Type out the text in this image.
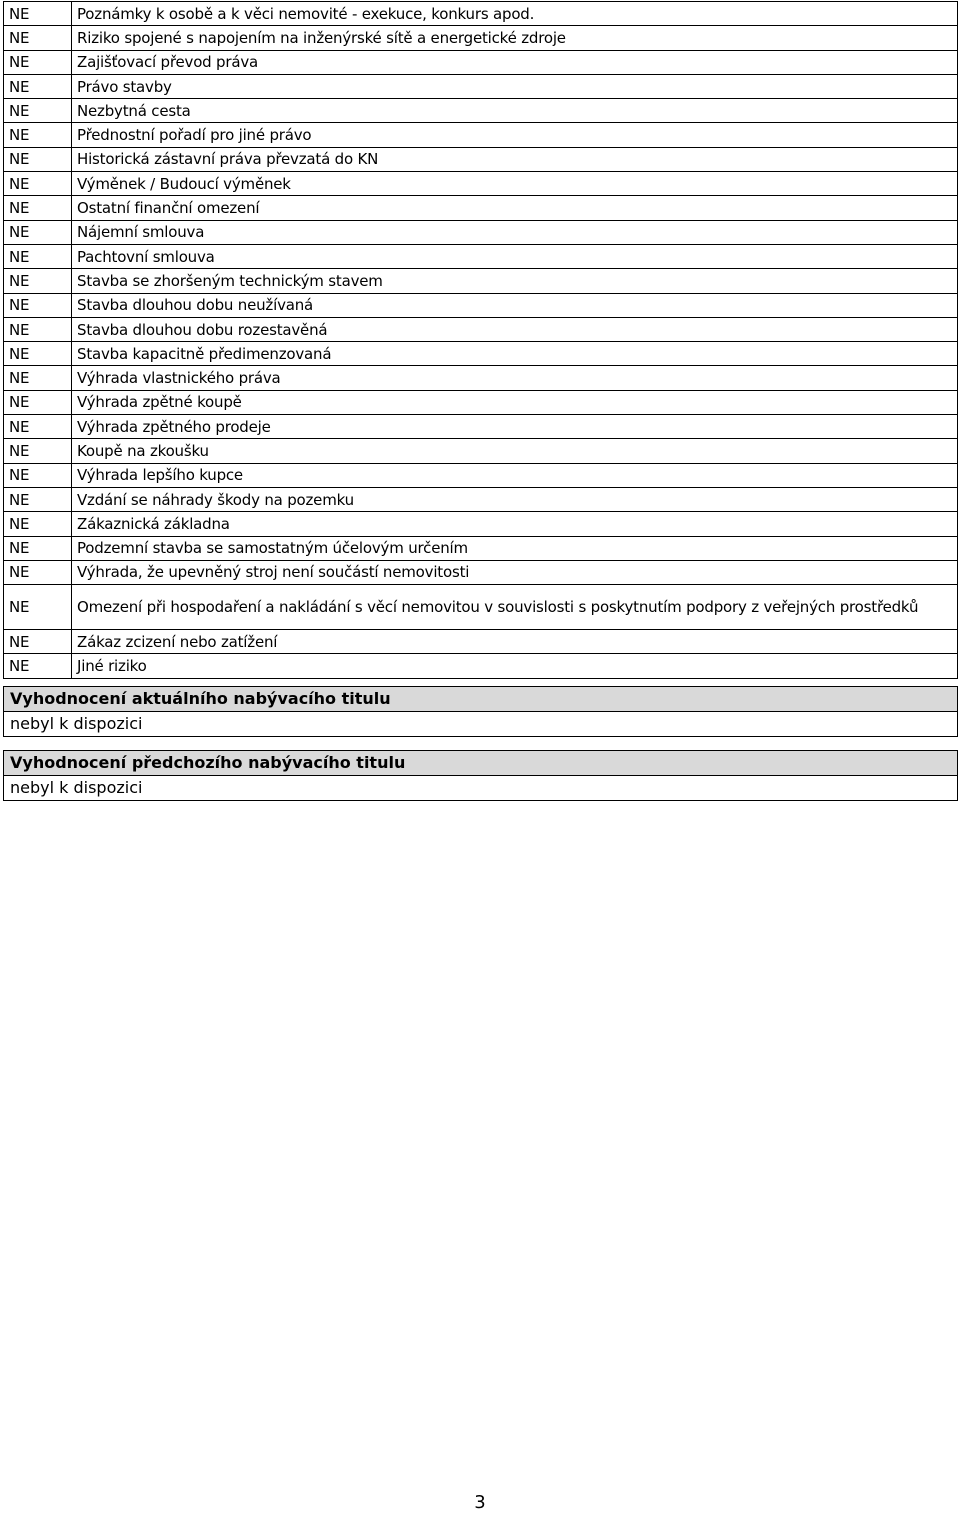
NE	Poznámky k osobě a k věci nemovité - exekuce, konkurs apod.
NE	Riziko spojené s napojením na inženýrské sítě a energetické zdroje
NE	Zajišťovací převod práva
NE	Právo stavby
NE	Nezbytná cesta
NE	Přednostní pořadí pro jiné právo
NE	Historická zástavní práva převzatá do KN
NE	Výměnek / Budoucí výměnek
NE	Ostatní finanční omezení
NE	Nájemní smlouva
NE	Pachtovní smlouva
NE	Stavba se zhoršeným technickým stavem
NE	Stavba dlouhou dobu neužívaná
NE	Stavba dlouhou dobu rozestavěná
NE	Stavba kapacitně předimenzovaná
NE	Výhrada vlastnického práva
NE	Výhrada zpětné koupě
NE	Výhrada zpětného prodeje
NE	Koupě na zkoušku
NE	Výhrada lepšího kupce
NE	Vzdání se náhrady škody na pozemku
NE	Zákaznická základna
NE	Podzemní stavba se samostatným účelovým určením
NE	Výhrada, že upevněný stroj není součástí nemovitosti
NE	Omezení při hospodaření a nakládání s věcí nemovitou v souvislosti s poskytnutím podpory z veřejných prostředků
NE	Zákaz zcizení nebo zatížení
NE	Jiné riziko
Vyhodnocení aktuálního nabývacího titulu
nebyl k dispozici
Vyhodnocení předchozího nabývacího titulu
nebyl k dispozici
3
